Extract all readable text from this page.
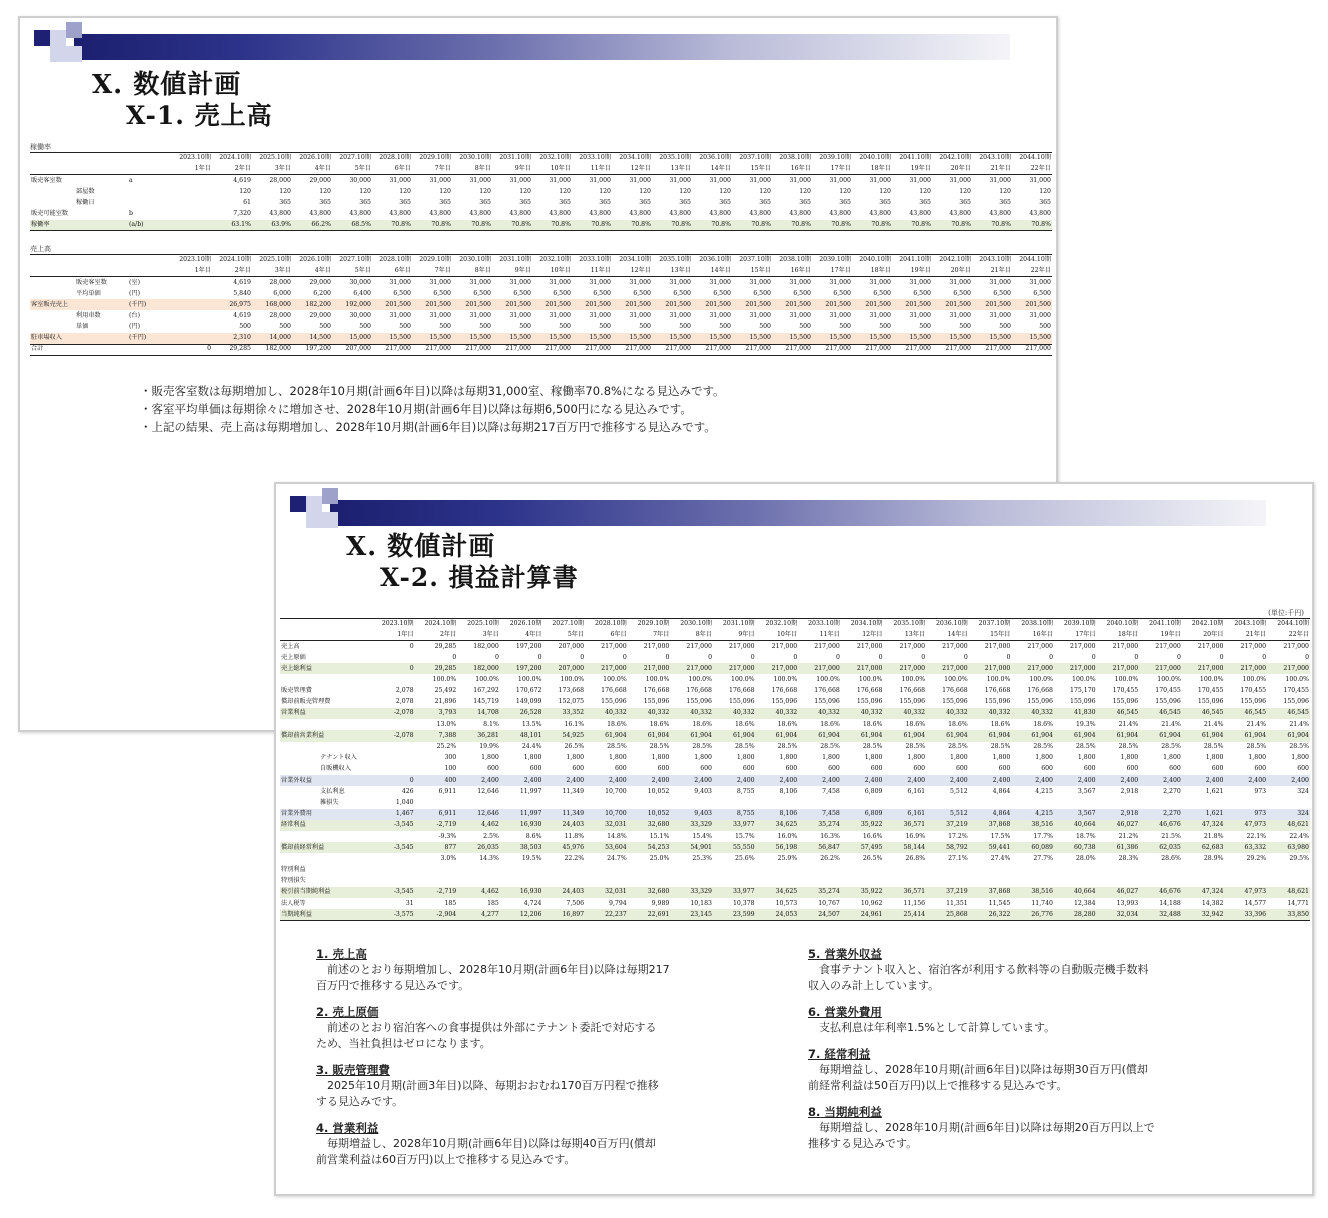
X. 数値計画
X-1. 売上高
稼働率
		2023.10期	2024.10期	2025.10期	2026.10期	2027.10期	2028.10期	2029.10期	2030.10期	2031.10期	2032.10期	2033.10期	2034.10期	2035.10期	2036.10期	2037.10期	2038.10期	2039.10期	2040.10期	2041.10期	2042.10期	2043.10期	2044.10期
		1年目	2年目	3年目	4年目	5年目	6年目	7年目	8年目	9年目	10年目	11年目	12年目	13年目	14年目	15年目	16年目	17年目	18年目	19年目	20年目	21年目	22年目
販売客室数	a		4,619	28,000	29,000	30,000	31,000	31,000	31,000	31,000	31,000	31,000	31,000	31,000	31,000	31,000	31,000	31,000	31,000	31,000	31,000	31,000	31,000
部屋数			120	120	120	120	120	120	120	120	120	120	120	120	120	120	120	120	120	120	120	120	120
稼働日			61	365	365	365	365	365	365	365	365	365	365	365	365	365	365	365	365	365	365	365	365
販売可能室数	b		7,320	43,800	43,800	43,800	43,800	43,800	43,800	43,800	43,800	43,800	43,800	43,800	43,800	43,800	43,800	43,800	43,800	43,800	43,800	43,800	43,800
稼働率	(a/b)		63.1%	63.9%	66.2%	68.5%	70.8%	70.8%	70.8%	70.8%	70.8%	70.8%	70.8%	70.8%	70.8%	70.8%	70.8%	70.8%	70.8%	70.8%	70.8%	70.8%	70.8%
売上高
		2023.10期	2024.10期	2025.10期	2026.10期	2027.10期	2028.10期	2029.10期	2030.10期	2031.10期	2032.10期	2033.10期	2034.10期	2035.10期	2036.10期	2037.10期	2038.10期	2039.10期	2040.10期	2041.10期	2042.10期	2043.10期	2044.10期
		1年目	2年目	3年目	4年目	5年目	6年目	7年目	8年目	9年目	10年目	11年目	12年目	13年目	14年目	15年目	16年目	17年目	18年目	19年目	20年目	21年目	22年目
販売客室数	(室)		4,619	28,000	29,000	30,000	31,000	31,000	31,000	31,000	31,000	31,000	31,000	31,000	31,000	31,000	31,000	31,000	31,000	31,000	31,000	31,000	31,000
平均単価	(円)		5,840	6,000	6,200	6,400	6,500	6,500	6,500	6,500	6,500	6,500	6,500	6,500	6,500	6,500	6,500	6,500	6,500	6,500	6,500	6,500	6,500
客室販売売上	(千円)		26,975	168,000	182,200	192,000	201,500	201,500	201,500	201,500	201,500	201,500	201,500	201,500	201,500	201,500	201,500	201,500	201,500	201,500	201,500	201,500	201,500
利用車数	(台)		4,619	28,000	29,000	30,000	31,000	31,000	31,000	31,000	31,000	31,000	31,000	31,000	31,000	31,000	31,000	31,000	31,000	31,000	31,000	31,000	31,000
単価	(円)		500	500	500	500	500	500	500	500	500	500	500	500	500	500	500	500	500	500	500	500	500
駐車場収入	(千円)		2,310	14,000	14,500	15,000	15,500	15,500	15,500	15,500	15,500	15,500	15,500	15,500	15,500	15,500	15,500	15,500	15,500	15,500	15,500	15,500	15,500
合計		0	29,285	182,000	197,200	207,000	217,000	217,000	217,000	217,000	217,000	217,000	217,000	217,000	217,000	217,000	217,000	217,000	217,000	217,000	217,000	217,000	217,000
・販売客室数は毎期増加し、2028年10月期(計画6年目)以降は毎期31,000室、稼働率70.8%になる見込みです。
・客室平均単価は毎期徐々に増加させ、2028年10月期(計画6年目)以降は毎期6,500円になる見込みです。
・上記の結果、売上高は毎期増加し、2028年10月期(計画6年目)以降は毎期217百万円で推移する見込みです。
X. 数値計画
X-2. 損益計算書
(単位:千円)
	2023.10期	2024.10期	2025.10期	2026.10期	2027.10期	2028.10期	2029.10期	2030.10期	2031.10期	2032.10期	2033.10期	2034.10期	2035.10期	2036.10期	2037.10期	2038.10期	2039.10期	2040.10期	2041.10期	2042.10期	2043.10期	2044.10期
	1年目	2年目	3年目	4年目	5年目	6年目	7年目	8年目	9年目	10年目	11年目	12年目	13年目	14年目	15年目	16年目	17年目	18年目	19年目	20年目	21年目	22年目
売上高	0	29,285	182,000	197,200	207,000	217,000	217,000	217,000	217,000	217,000	217,000	217,000	217,000	217,000	217,000	217,000	217,000	217,000	217,000	217,000	217,000	217,000
売上原価		0	0	0	0	0	0	0	0	0	0	0	0	0	0	0	0	0	0	0	0	0
売上総利益	0	29,285	182,000	197,200	207,000	217,000	217,000	217,000	217,000	217,000	217,000	217,000	217,000	217,000	217,000	217,000	217,000	217,000	217,000	217,000	217,000	217,000
		100.0%	100.0%	100.0%	100.0%	100.0%	100.0%	100.0%	100.0%	100.0%	100.0%	100.0%	100.0%	100.0%	100.0%	100.0%	100.0%	100.0%	100.0%	100.0%	100.0%	100.0%
販売管理費	2,078	25,492	167,292	170,672	173,668	176,668	176,668	176,668	176,668	176,668	176,668	176,668	176,668	176,668	176,668	176,668	175,170	170,455	170,455	170,455	170,455	170,455
償却前販売管理費	2,078	21,896	145,719	149,099	152,075	155,096	155,096	155,096	155,096	155,096	155,096	155,096	155,096	155,096	155,096	155,096	155,096	155,096	155,096	155,096	155,096	155,096
営業利益	-2,078	3,793	14,708	26,528	33,352	40,332	40,332	40,332	40,332	40,332	40,332	40,332	40,332	40,332	40,332	40,332	41,830	46,545	46,545	46,545	46,545	46,545
		13.0%	8.1%	13.5%	16.1%	18.6%	18.6%	18.6%	18.6%	18.6%	18.6%	18.6%	18.6%	18.6%	18.6%	18.6%	19.3%	21.4%	21.4%	21.4%	21.4%	21.4%
償却前営業利益	-2,078	7,388	36,281	48,101	54,925	61,904	61,904	61,904	61,904	61,904	61,904	61,904	61,904	61,904	61,904	61,904	61,904	61,904	61,904	61,904	61,904	61,904
		25.2%	19.9%	24.4%	26.5%	28.5%	28.5%	28.5%	28.5%	28.5%	28.5%	28.5%	28.5%	28.5%	28.5%	28.5%	28.5%	28.5%	28.5%	28.5%	28.5%	28.5%
テナント収入		300	1,800	1,800	1,800	1,800	1,800	1,800	1,800	1,800	1,800	1,800	1,800	1,800	1,800	1,800	1,800	1,800	1,800	1,800	1,800	1,800
自販機収入		100	600	600	600	600	600	600	600	600	600	600	600	600	600	600	600	600	600	600	600	600
営業外収益	0	400	2,400	2,400	2,400	2,400	2,400	2,400	2,400	2,400	2,400	2,400	2,400	2,400	2,400	2,400	2,400	2,400	2,400	2,400	2,400	2,400
支払利息	426	6,911	12,646	11,997	11,349	10,700	10,052	9,403	8,755	8,106	7,458	6,809	6,161	5,512	4,864	4,215	3,567	2,918	2,270	1,621	973	324
雑損失	1,040																					
営業外費用	1,467	6,911	12,646	11,997	11,349	10,700	10,052	9,403	8,755	8,106	7,458	6,809	6,161	5,512	4,864	4,215	3,567	2,918	2,270	1,621	973	324
経常利益	-3,545	-2,719	4,462	16,930	24,403	32,031	32,680	33,329	33,977	34,625	35,274	35,922	36,571	37,219	37,868	38,516	40,664	46,027	46,676	47,324	47,973	48,621
		-9.3%	2.5%	8.6%	11.8%	14.8%	15.1%	15.4%	15.7%	16.0%	16.3%	16.6%	16.9%	17.2%	17.5%	17.7%	18.7%	21.2%	21.5%	21.8%	22.1%	22.4%
償却前経常利益	-3,545	877	26,035	38,503	45,976	53,604	54,253	54,901	55,550	56,198	56,847	57,495	58,144	58,792	59,441	60,089	60,738	61,386	62,035	62,683	63,332	63,980
		3.0%	14.3%	19.5%	22.2%	24.7%	25.0%	25.3%	25.6%	25.9%	26.2%	26.5%	26.8%	27.1%	27.4%	27.7%	28.0%	28.3%	28.6%	28.9%	29.2%	29.5%
特別利益																						
特別損失																						
税引前当期純利益	-3,545	-2,719	4,462	16,930	24,403	32,031	32,680	33,329	33,977	34,625	35,274	35,922	36,571	37,219	37,868	38,516	40,664	46,027	46,676	47,324	47,973	48,621
法人税等	31	185	185	4,724	7,506	9,794	9,989	10,183	10,378	10,573	10,767	10,962	11,156	11,351	11,545	11,740	12,384	13,993	14,188	14,382	14,577	14,771
当期純利益	-3,575	-2,904	4,277	12,206	16,897	22,237	22,691	23,145	23,599	24,053	24,507	24,961	25,414	25,868	26,322	26,776	28,280	32,034	32,488	32,942	33,396	33,850
1. 売上高
　前述のとおり毎期増加し、2028年10月期(計画6年目)以降は毎期217
百万円で推移する見込みです。
2. 売上原価
　前述のとおり宿泊客への食事提供は外部にテナント委託で対応する
ため、当社負担はゼロになります。
3. 販売管理費
　2025年10月期(計画3年目)以降、毎期おおむね170百万円程で推移
する見込みです。
4. 営業利益
　毎期増益し、2028年10月期(計画6年目)以降は毎期40百万円(償却
前営業利益は60百万円)以上で推移する見込みです。
5. 営業外収益
　食事テナント収入と、宿泊客が利用する飲料等の自動販売機手数料
収入のみ計上しています。
6. 営業外費用
　支払利息は年利率1.5%として計算しています。
7. 経常利益
　毎期増益し、2028年10月期(計画6年目)以降は毎期30百万円(償却
前経常利益は50百万円)以上で推移する見込みです。
8. 当期純利益
　毎期増益し、2028年10月期(計画6年目)以降は毎期20百万円以上で
推移する見込みです。
